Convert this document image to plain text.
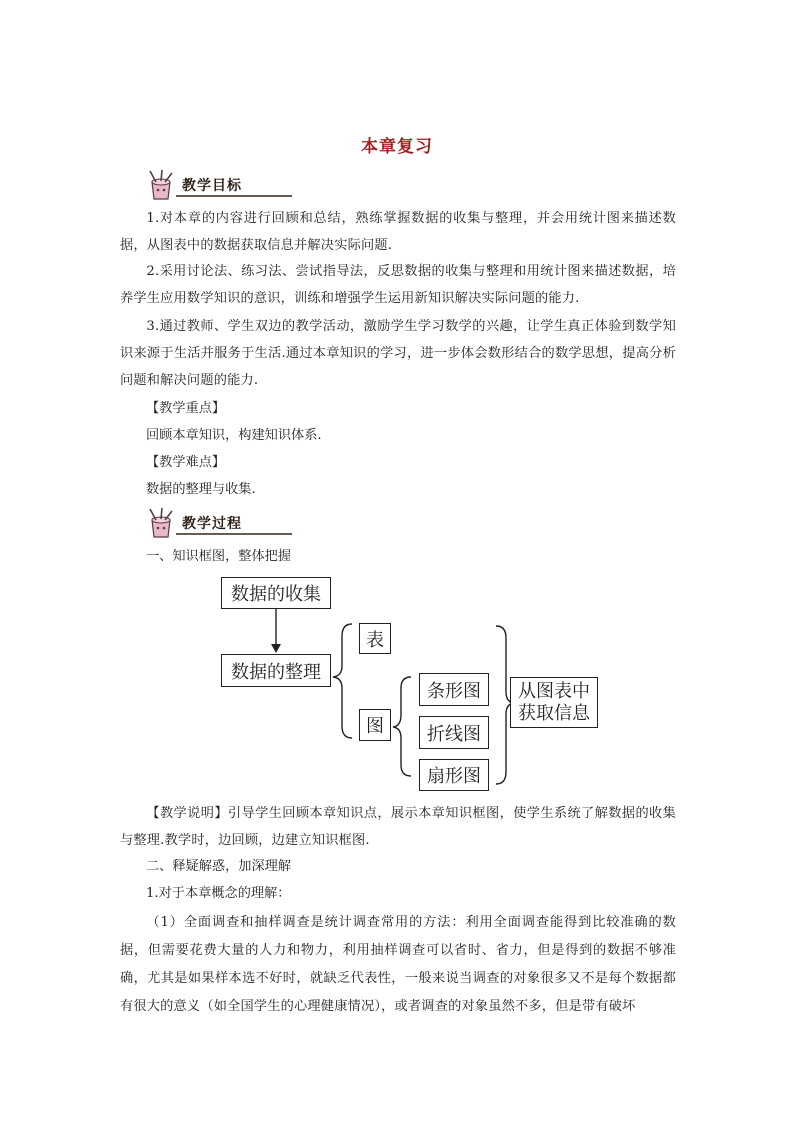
本章复习
教学目标
1.对本章的内容进行回顾和总结，熟练掌握数据的收集与整理，并会用统计图来描述数据，从图表中的数据获取信息并解决实际问题.
2.采用讨论法、练习法、尝试指导法，反思数据的收集与整理和用统计图来描述数据，培养学生应用数学知识的意识，训练和增强学生运用新知识解决实际问题的能力.
3.通过教师、学生双边的教学活动，激励学生学习数学的兴趣，让学生真正体验到数学知识来源于生活并服务于生活.通过本章知识的学习，进一步体会数形结合的数学思想，提高分析问题和解决问题的能力.
【教学重点】
回顾本章知识，构建知识体系.
【教学难点】
数据的整理与收集.
教学过程
一、知识框图，整体把握
数据的收集
数据的整理
表
图
条形图
折线图
扇形图
从图表中
获取信息
【教学说明】引导学生回顾本章知识点，展示本章知识框图，使学生系统了解数据的收集与整理.教学时，边回顾，边建立知识框图.
二、释疑解惑，加深理解
1.对于本章概念的理解：
（1）全面调查和抽样调查是统计调查常用的方法：利用全面调查能得到比较准确的数据，但需要花费大量的人力和物力，利用抽样调查可以省时、省力，但是得到的数据不够准确，尤其是如果样本选不好时，就缺乏代表性，一般来说当调查的对象很多又不是每个数据都有很大的意义（如全国学生的心理健康情况），或者调查的对象虽然不多，但是带有破坏
